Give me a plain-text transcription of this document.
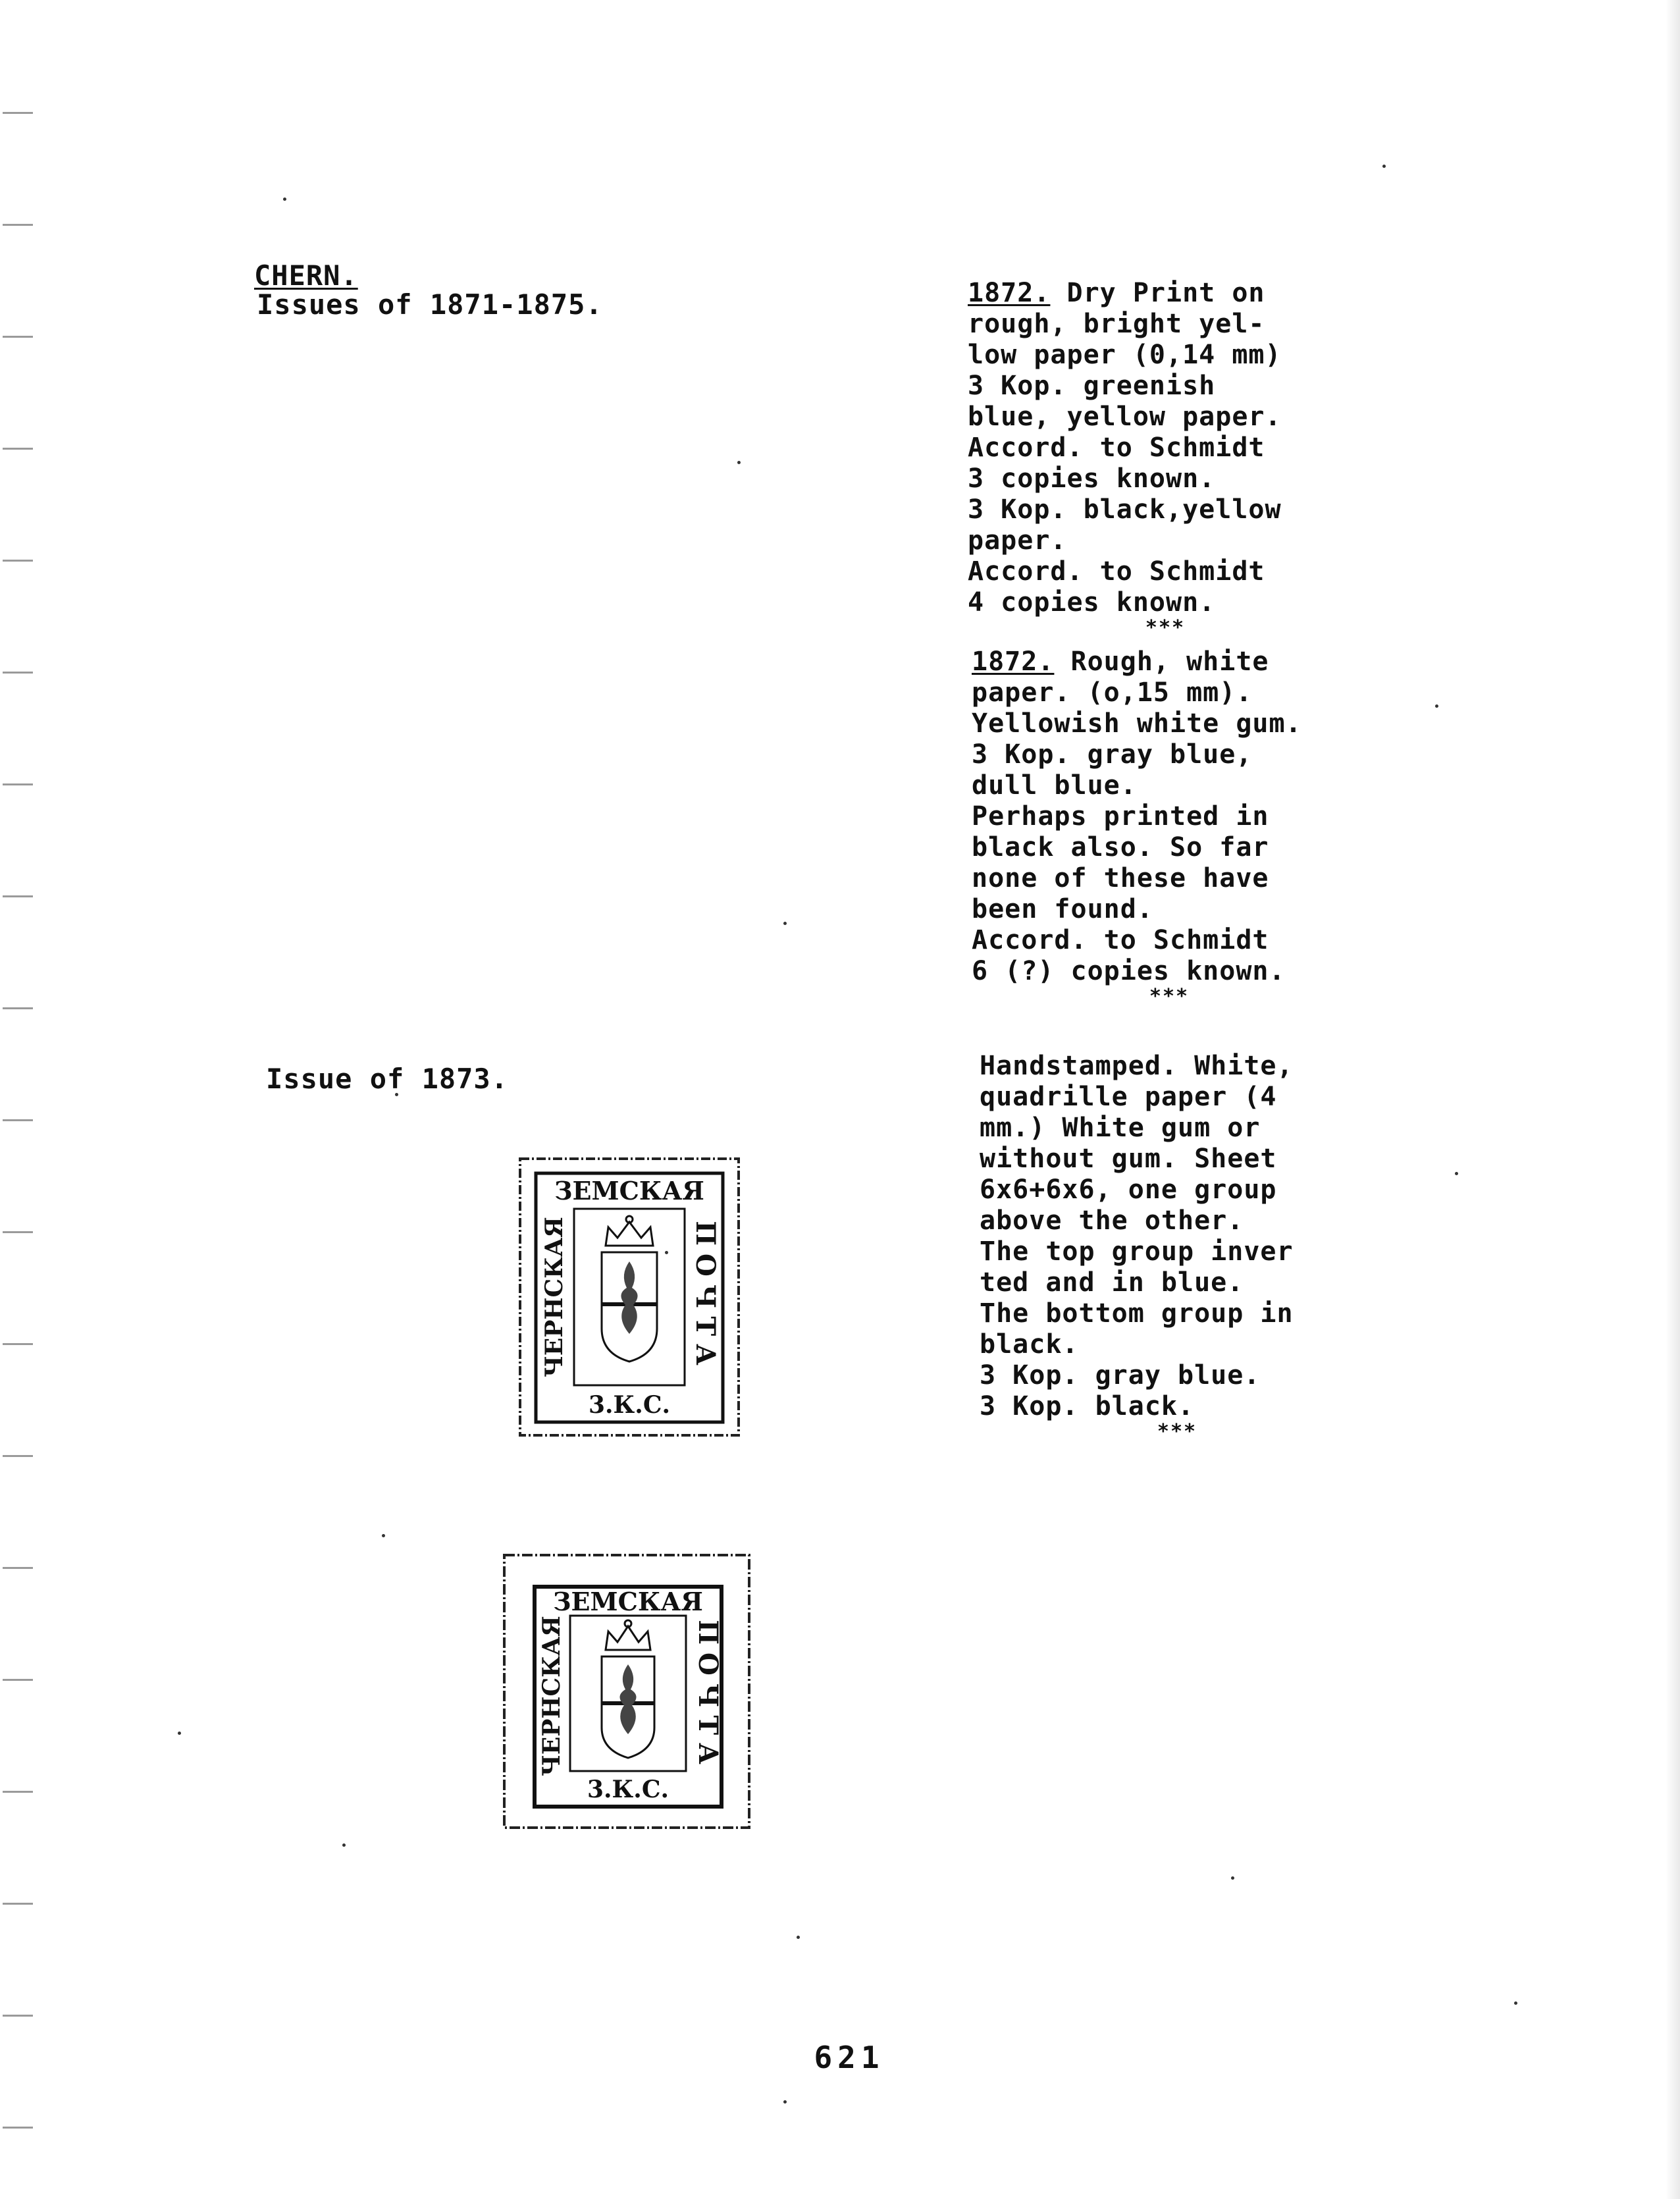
CHERN.
Issues of 1871-1875.
Issue of 1873.
1872. Dry Print on
rough, bright yel-
low paper (0,14 mm)
3 Kop. greenish
blue, yellow paper.
Accord. to Schmidt
3 copies known.
3 Kop. black,yellow
paper.
Accord. to Schmidt
4 copies known.
***
1872. Rough, white
paper. (o,15 mm).
Yellowish white gum.
3 Kop. gray blue,
dull blue.
Perhaps printed in
black also. So far
none of these have
been found.
Accord. to Schmidt
6 (?) copies known.
***
Handstamped. White,
quadrille paper (4
mm.) White gum or
without gum. Sheet
6x6+6x6, one group
above the other.
The top group inver
ted and in blue.
The bottom group in
black.
3 Kop. gray blue.
3 Kop. black.
***
ЗЕМСКАЯ
3.К.С.
ЧЕРНСКАЯ	ПОЧТА
ЗЕМСКАЯ
3.К.С.
ЧЕРНСКАЯ	ПОЧТА
621
